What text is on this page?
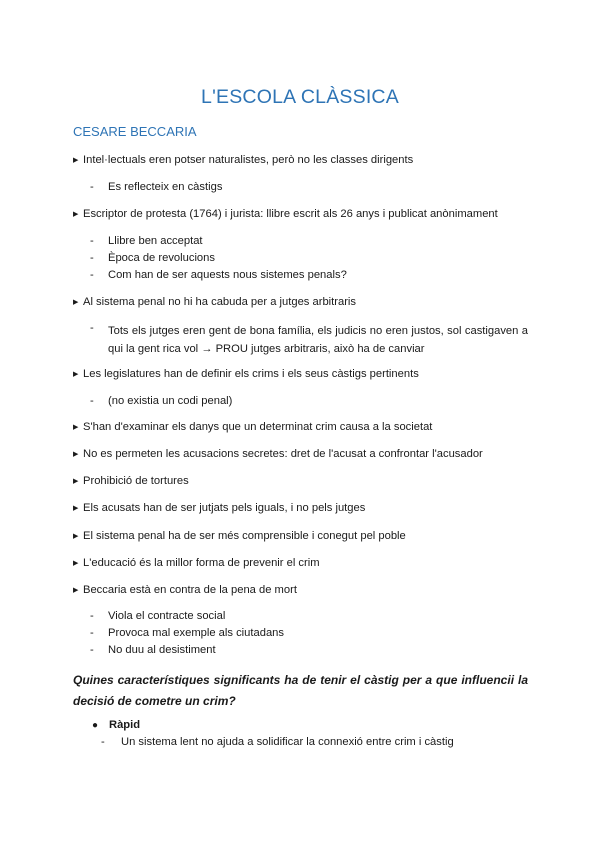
L'ESCOLA CLÀSSICA
CESARE BECCARIA
▶ Intel·lectuals eren potser naturalistes, però no les classes dirigents
- Es reflecteix en càstigs
▶ Escriptor de protesta (1764) i jurista: llibre escrit als 26 anys i publicat anònimament
- Llibre ben acceptat
- Època de revolucions
- Com han de ser aquests nous sistemes penals?
▶ Al sistema penal no hi ha cabuda per a jutges arbitraris
- Tots els jutges eren gent de bona família, els judicis no eren justos, sol castigaven a qui la gent rica vol → PROU jutges arbitraris, això ha de canviar
▶ Les legislatures han de definir els crims i els seus càstigs pertinents
- (no existia un codi penal)
▶ S'han d'examinar els danys que un determinat crim causa a la societat
▶ No es permeten les acusacions secretes: dret de l'acusat a confrontar l'acusador
▶ Prohibició de tortures
▶ Els acusats han de ser jutjats pels iguals, i no pels jutges
▶ El sistema penal ha de ser més comprensible i conegut pel poble
▶ L'educació és la millor forma de prevenir el crim
▶ Beccaria està en contra de la pena de mort
- Viola el contracte social
- Provoca mal exemple als ciutadans
- No duu al desistiment
Quines característiques significants ha de tenir el càstig per a que influencii la decisió de cometre un crim?
● Ràpid
- Un sistema lent no ajuda a solidificar la connexió entre crim i càstig
